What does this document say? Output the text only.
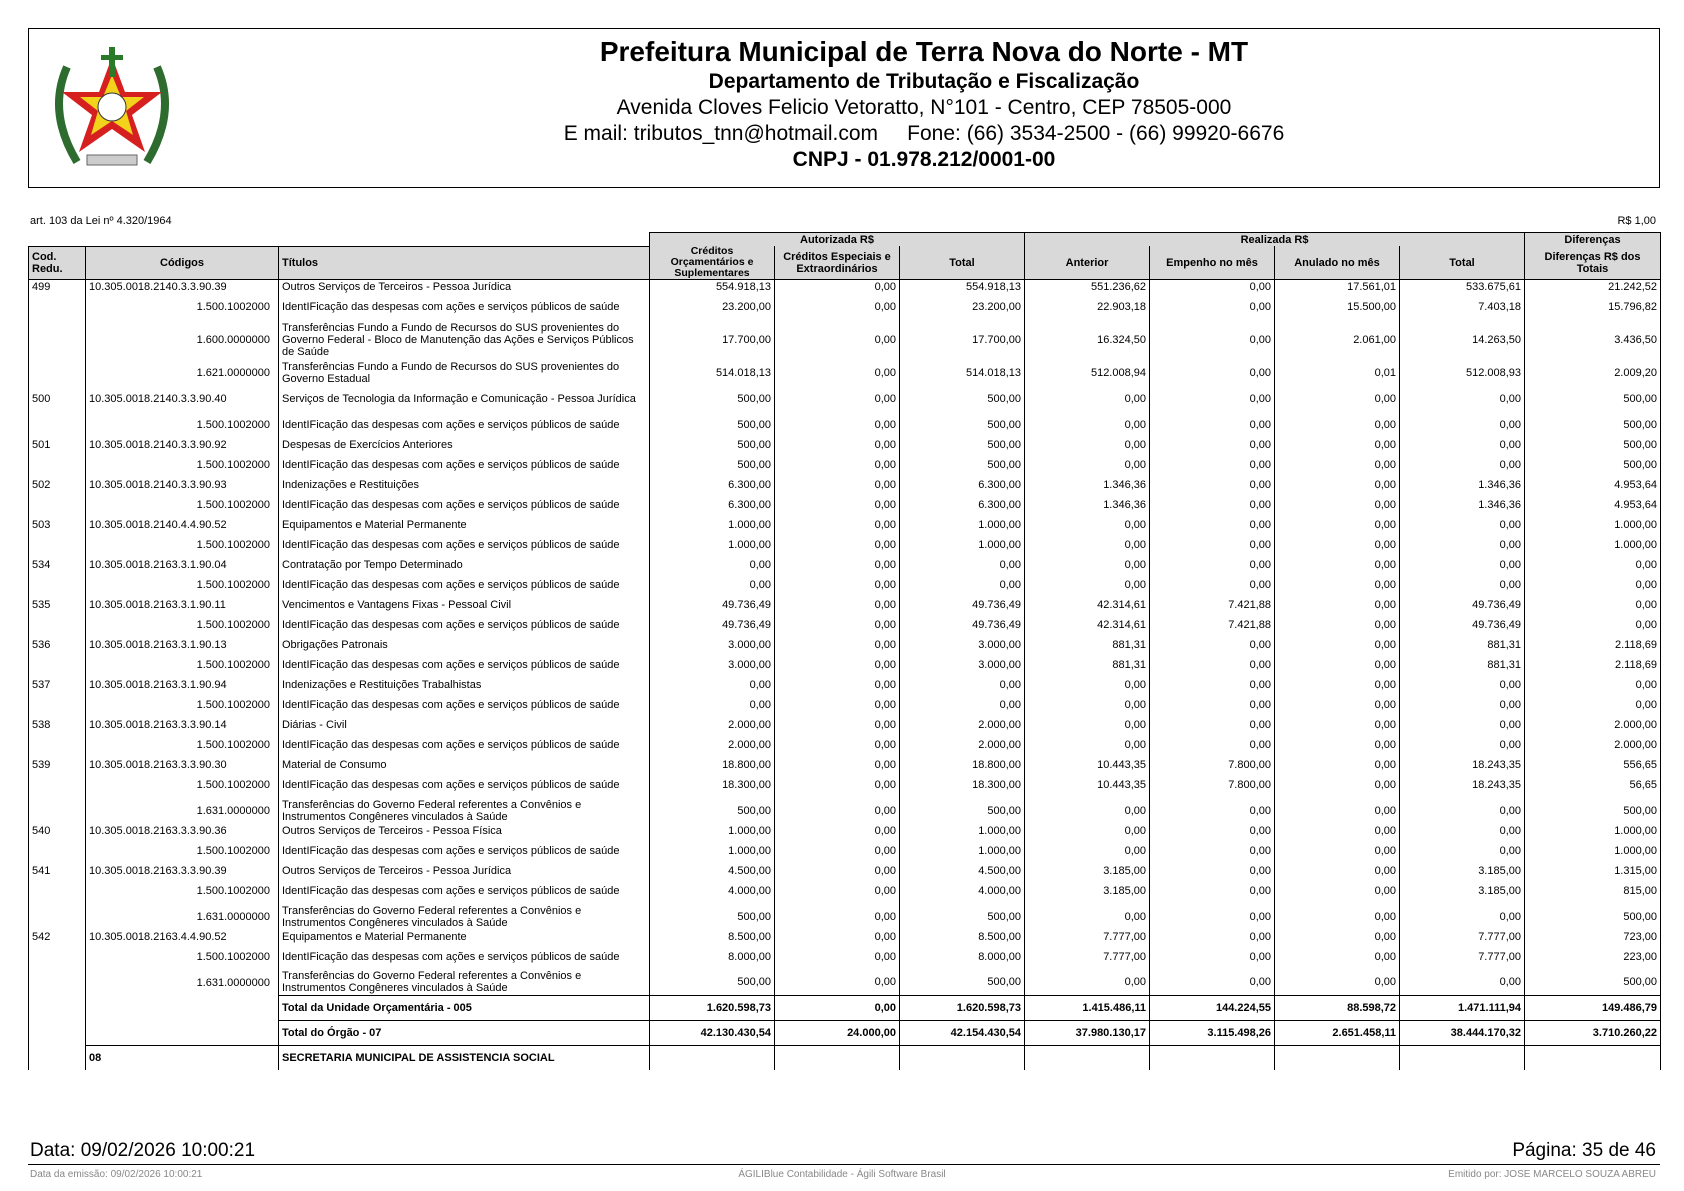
Prefeitura Municipal de Terra Nova do Norte - MT
Departamento de Tributação e Fiscalização
Avenida Cloves Felicio Vetoratto, N°101 - Centro, CEP 78505-000
E mail: tributos_tnn@hotmail.com     Fone: (66) 3534-2500 - (66) 99920-6676
CNPJ - 01.978.212/0001-00
art. 103 da Lei nº 4.320/1964	R$ 1,00
			Autorizada R$			Realizada R$				Diferenças
Cod. Redu.	Códigos	Títulos	Créditos Orçamentários e Suplementares	Créditos Especiais e Extraordinários	Total	Anterior	Empenho no mês	Anulado no mês	Total	Diferenças R$ dos Totais
499	10.305.0018.2140.3.3.90.39	Outros Serviços de Terceiros - Pessoa Jurídica	554.918,13	0,00	554.918,13	551.236,62	0,00	17.561,01	533.675,61	21.242,52
	1.500.1002000	IdentIFicação das despesas com ações e serviços públicos de saúde	23.200,00	0,00	23.200,00	22.903,18	0,00	15.500,00	7.403,18	15.796,82
	1.600.0000000	Transferências Fundo a Fundo de Recursos do SUS provenientes do Governo Federal - Bloco de Manutenção das Ações e Serviços Públicos de Saúde	17.700,00	0,00	17.700,00	16.324,50	0,00	2.061,00	14.263,50	3.436,50
	1.621.0000000	Transferências Fundo a Fundo de Recursos do SUS provenientes do Governo Estadual	514.018,13	0,00	514.018,13	512.008,94	0,00	0,01	512.008,93	2.009,20
500	10.305.0018.2140.3.3.90.40	Serviços de Tecnologia da Informação e Comunicação - Pessoa Jurídica	500,00	0,00	500,00	0,00	0,00	0,00	0,00	500,00
	1.500.1002000	IdentIFicação das despesas com ações e serviços públicos de saúde	500,00	0,00	500,00	0,00	0,00	0,00	0,00	500,00
501	10.305.0018.2140.3.3.90.92	Despesas de Exercícios Anteriores	500,00	0,00	500,00	0,00	0,00	0,00	0,00	500,00
	1.500.1002000	IdentIFicação das despesas com ações e serviços públicos de saúde	500,00	0,00	500,00	0,00	0,00	0,00	0,00	500,00
502	10.305.0018.2140.3.3.90.93	Indenizações e Restituições	6.300,00	0,00	6.300,00	1.346,36	0,00	0,00	1.346,36	4.953,64
	1.500.1002000	IdentIFicação das despesas com ações e serviços públicos de saúde	6.300,00	0,00	6.300,00	1.346,36	0,00	0,00	1.346,36	4.953,64
503	10.305.0018.2140.4.4.90.52	Equipamentos e Material Permanente	1.000,00	0,00	1.000,00	0,00	0,00	0,00	0,00	1.000,00
	1.500.1002000	IdentIFicação das despesas com ações e serviços públicos de saúde	1.000,00	0,00	1.000,00	0,00	0,00	0,00	0,00	1.000,00
534	10.305.0018.2163.3.1.90.04	Contratação por Tempo Determinado	0,00	0,00	0,00	0,00	0,00	0,00	0,00	0,00
	1.500.1002000	IdentIFicação das despesas com ações e serviços públicos de saúde	0,00	0,00	0,00	0,00	0,00	0,00	0,00	0,00
535	10.305.0018.2163.3.1.90.11	Vencimentos e Vantagens Fixas - Pessoal Civil	49.736,49	0,00	49.736,49	42.314,61	7.421,88	0,00	49.736,49	0,00
	1.500.1002000	IdentIFicação das despesas com ações e serviços públicos de saúde	49.736,49	0,00	49.736,49	42.314,61	7.421,88	0,00	49.736,49	0,00
536	10.305.0018.2163.3.1.90.13	Obrigações Patronais	3.000,00	0,00	3.000,00	881,31	0,00	0,00	881,31	2.118,69
	1.500.1002000	IdentIFicação das despesas com ações e serviços públicos de saúde	3.000,00	0,00	3.000,00	881,31	0,00	0,00	881,31	2.118,69
537	10.305.0018.2163.3.1.90.94	Indenizações e Restituições Trabalhistas	0,00	0,00	0,00	0,00	0,00	0,00	0,00	0,00
	1.500.1002000	IdentIFicação das despesas com ações e serviços públicos de saúde	0,00	0,00	0,00	0,00	0,00	0,00	0,00	0,00
538	10.305.0018.2163.3.3.90.14	Diárias - Civil	2.000,00	0,00	2.000,00	0,00	0,00	0,00	0,00	2.000,00
	1.500.1002000	IdentIFicação das despesas com ações e serviços públicos de saúde	2.000,00	0,00	2.000,00	0,00	0,00	0,00	0,00	2.000,00
539	10.305.0018.2163.3.3.90.30	Material de Consumo	18.800,00	0,00	18.800,00	10.443,35	7.800,00	0,00	18.243,35	556,65
	1.500.1002000	IdentIFicação das despesas com ações e serviços públicos de saúde	18.300,00	0,00	18.300,00	10.443,35	7.800,00	0,00	18.243,35	56,65
	1.631.0000000	Transferências do Governo Federal referentes a Convênios e Instrumentos Congêneres vinculados à Saúde	500,00	0,00	500,00	0,00	0,00	0,00	0,00	500,00
540	10.305.0018.2163.3.3.90.36	Outros Serviços de Terceiros - Pessoa Física	1.000,00	0,00	1.000,00	0,00	0,00	0,00	0,00	1.000,00
	1.500.1002000	IdentIFicação das despesas com ações e serviços públicos de saúde	1.000,00	0,00	1.000,00	0,00	0,00	0,00	0,00	1.000,00
541	10.305.0018.2163.3.3.90.39	Outros Serviços de Terceiros - Pessoa Jurídica	4.500,00	0,00	4.500,00	3.185,00	0,00	0,00	3.185,00	1.315,00
	1.500.1002000	IdentIFicação das despesas com ações e serviços públicos de saúde	4.000,00	0,00	4.000,00	3.185,00	0,00	0,00	3.185,00	815,00
	1.631.0000000	Transferências do Governo Federal referentes a Convênios e Instrumentos Congêneres vinculados à Saúde	500,00	0,00	500,00	0,00	0,00	0,00	0,00	500,00
542	10.305.0018.2163.4.4.90.52	Equipamentos e Material Permanente	8.500,00	0,00	8.500,00	7.777,00	0,00	0,00	7.777,00	723,00
	1.500.1002000	IdentIFicação das despesas com ações e serviços públicos de saúde	8.000,00	0,00	8.000,00	7.777,00	0,00	0,00	7.777,00	223,00
	1.631.0000000	Transferências do Governo Federal referentes a Convênios e Instrumentos Congêneres vinculados à Saúde	500,00	0,00	500,00	0,00	0,00	0,00	0,00	500,00
		Total da Unidade Orçamentária - 005	1.620.598,73	0,00	1.620.598,73	1.415.486,11	144.224,55	88.598,72	1.471.111,94	149.486,79
		Total do Órgão - 07	42.130.430,54	24.000,00	42.154.430,54	37.980.130,17	3.115.498,26	2.651.458,11	38.444.170,32	3.710.260,22
	08	SECRETARIA MUNICIPAL DE ASSISTENCIA SOCIAL								
Data: 09/02/2026 10:00:21	Página: 35 de 46
Data da emissão: 09/02/2026 10:00:21	ÁGILIBlue Contabilidade - Ágili Software Brasil	Emitido por: JOSE MARCELO SOUZA ABREU
